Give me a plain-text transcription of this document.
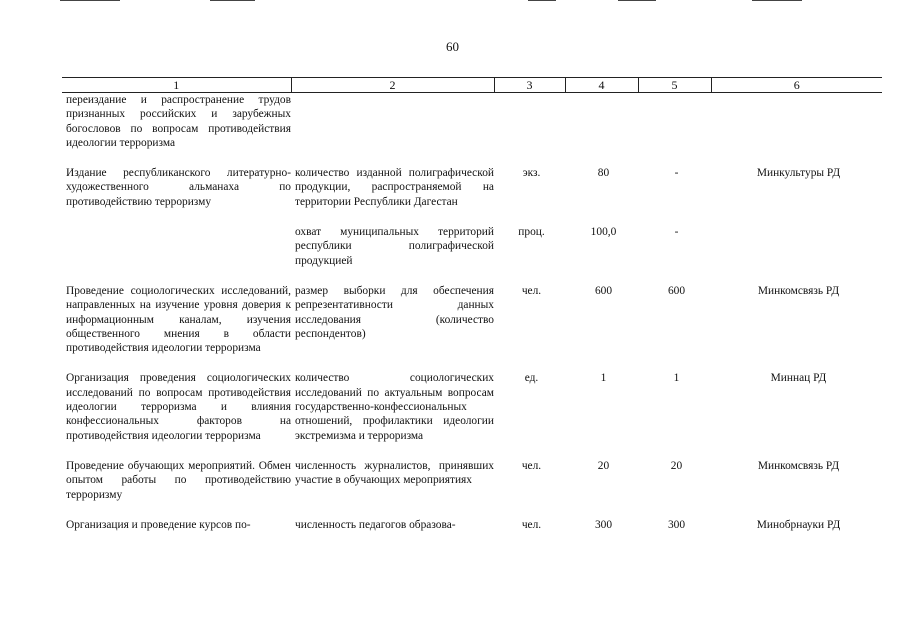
60
1	2	3	4	5	6
переиздание и распространение трудов признанных российских и зарубежных богословов по вопросам противодействия идеологии терроризма					
Издание республиканского литературно-художественного альманаха по противодействию терроризму	количество изданной полиграфической продукции, распространяемой на территории Республики Дагестан	экз.	80	-	Минкультуры РД
	охват муниципальных территорий республики полиграфической продукцией	проц.	100,0	-	
Проведение социологических исследований, направленных на изучение уровня доверия к информационным каналам, изучения общественного мнения в области противодействия идеологии терроризма	размер выборки для обеспечения репрезентативности данных исследования (количество респондентов)	чел.	600	600	Минкомсвязь РД
Организация проведения социологических исследований по вопросам противодействия идеологии терроризма и влияния конфессиональных факторов на противодействия идеологии терроризма	количество социологических исследований по актуальным вопросам государственно-конфессиональных отношений, профилактики идеологии экстремизма и терроризма	ед.	1	1	Миннац РД
Проведение обучающих мероприятий. Обмен опытом работы по противодействию терроризму	численность журналистов, принявших участие в обучающих мероприятиях	чел.	20	20	Минкомсвязь РД
Организация и проведение курсов по-	численность педагогов образова-	чел.	300	300	Минобрнауки РД
